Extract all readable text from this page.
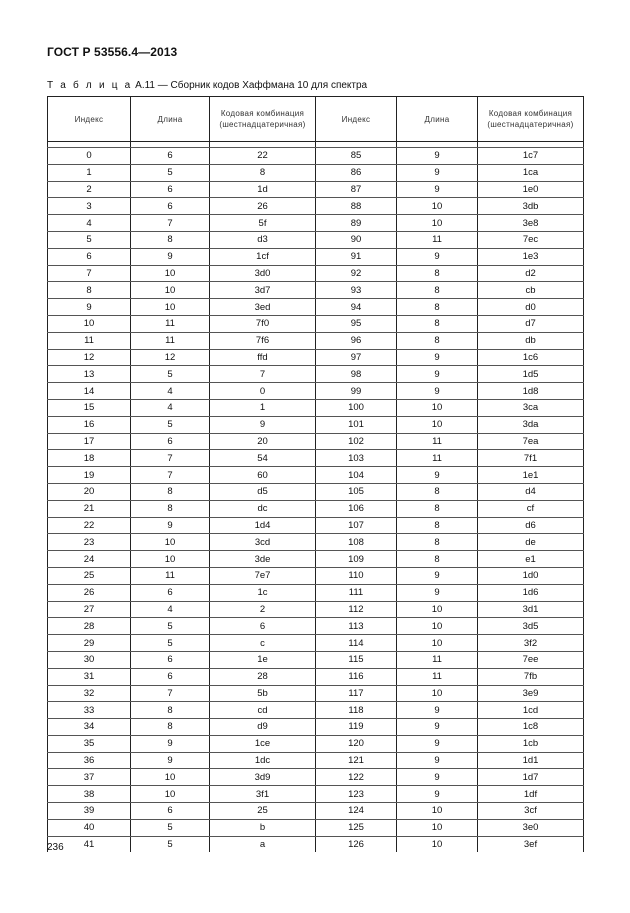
ГОСТ Р 53556.4—2013
Т а б л и ц а А.11 — Сборник кодов Хаффмана 10 для спектра
Индекс	Длина	Кодовая комбинация (шестнадцатеричная)	Индекс	Длина	Кодовая комбинация (шестнадцатеричная)

0	6	22	85	9	1c7
1	5	8	86	9	1ca
2	6	1d	87	9	1e0
3	6	26	88	10	3db
4	7	5f	89	10	3e8
5	8	d3	90	11	7ec
6	9	1cf	91	9	1e3
7	10	3d0	92	8	d2
8	10	3d7	93	8	cb
9	10	3ed	94	8	d0
10	11	7f0	95	8	d7
11	11	7f6	96	8	db
12	12	ffd	97	9	1c6
13	5	7	98	9	1d5
14	4	0	99	9	1d8
15	4	1	100	10	3ca
16	5	9	101	10	3da
17	6	20	102	11	7ea
18	7	54	103	11	7f1
19	7	60	104	9	1e1
20	8	d5	105	8	d4
21	8	dc	106	8	cf
22	9	1d4	107	8	d6
23	10	3cd	108	8	de
24	10	3de	109	8	e1
25	11	7e7	110	9	1d0
26	6	1c	111	9	1d6
27	4	2	112	10	3d1
28	5	6	113	10	3d5
29	5	c	114	10	3f2
30	6	1e	115	11	7ee
31	6	28	116	11	7fb
32	7	5b	117	10	3e9
33	8	cd	118	9	1cd
34	8	d9	119	9	1c8
35	9	1ce	120	9	1cb
36	9	1dc	121	9	1d1
37	10	3d9	122	9	1d7
38	10	3f1	123	9	1df
39	6	25	124	10	3cf
40	5	b	125	10	3e0
41	5	a	126	10	3ef
236
